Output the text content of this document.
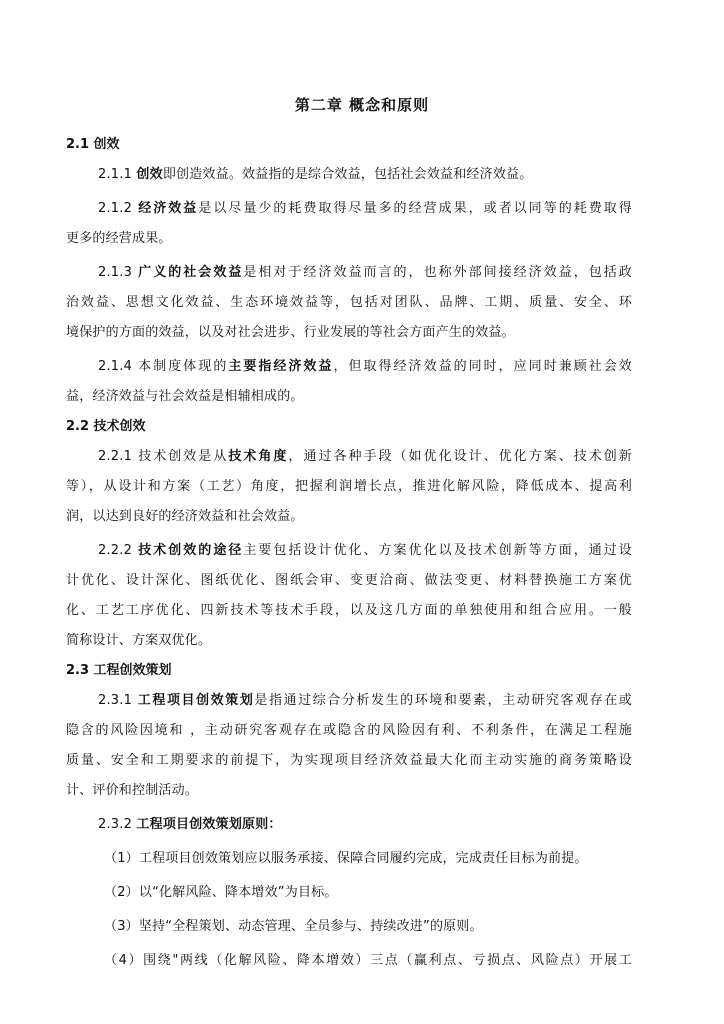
第二章 概念和原则
2.1 创效

2.1.1 创效即创造效益。效益指的是综合效益，包括社会效益和经济效益。

2.1.2 经济效益是以尽量少的耗费取得尽量多的经营成果，或者以同等的耗费取得

更多的经营成果。

2.1.3 广义的社会效益是相对于经济效益而言的，也称外部间接经济效益，包括政

治效益、思想文化效益、生态环境效益等，包括对团队、品牌、工期、质量、安全、环

境保护的方面的效益，以及对社会进步、行业发展的等社会方面产生的效益。

2.1.4 本制度体现的主要指经济效益，但取得经济效益的同时，应同时兼顾社会效

益，经济效益与社会效益是相辅相成的。

2.2 技术创效

2.2.1 技术创效是从技术角度，通过各种手段（如优化设计、优化方案、技术创新

等），从设计和方案（工艺）角度，把握利润增长点，推进化解风险，降低成本、提高利

润，以达到良好的经济效益和社会效益。

2.2.2 技术创效的途径主要包括设计优化、方案优化以及技术创新等方面，通过设

计优化、设计深化、图纸优化、图纸会审、变更洽商、做法变更、材料替换施工方案优

化、工艺工序优化、四新技术等技术手段，以及这几方面的单独使用和组合应用。一般

简称设计、方案双优化。

2.3 工程创效策划

2.3.1 工程项目创效策划是指通过综合分析发生的环境和要素，主动研究客观存在或

隐含的风险因境和 ，主动研究客观存在或隐含的风险因有利、不利条件，在满足工程施

质量、安全和工期要求的前提下，为实现项目经济效益最大化而主动实施的商务策略设

计、评价和控制活动。

2.3.2 工程项目创效策划原则：

（1）工程项目创效策划应以服务承接、保障合同履约完成，完成责任目标为前提。

（2）以“化解风险、降本增效”为目标。

（3）坚持“全程策划、动态管理、全员参与、持续改进”的原则。

（4）围绕"两线（化解风险、降本增效）三点（赢利点、亏损点、风险点）开展工
